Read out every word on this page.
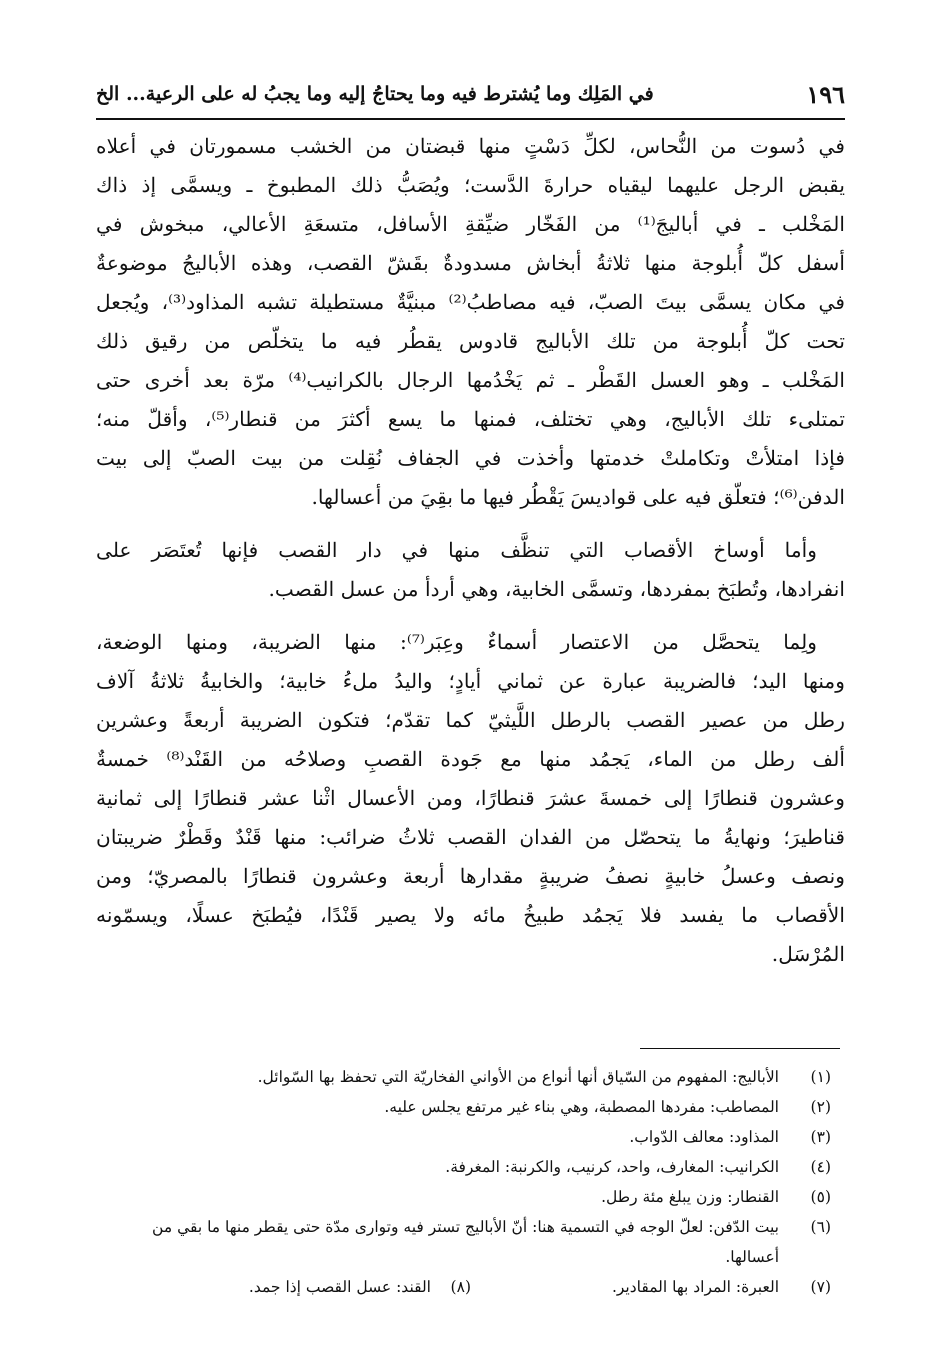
١٩٦
في المَلِك وما يُشترط فيه وما يحتاجُ إليه وما يجبُ له على الرعية... الخ

في دُسوت من النُّحاس، لكلِّ دَسْتٍ منها قبضتان من الخشب مسمورتان في أعلاه
يقبض الرجل عليهما ليقياه حرارةَ الدَّست؛ ويُصَبُّ ذلك المطبوخ ـ ويسمَّى إذ ذاك
المَخْلب ـ في أباليجَ⁽¹⁾ من الفَخّار ضيِّقةِ الأسافل، متسعَةِ الأعالي، مبخوش في
أسفل كلّ أُبلوجة منها ثلاثةُ أبخاش مسدودةٌ بقَشّ القصب، وهذه الأباليجُ موضوعةٌ
في مكان يسمَّى بيتَ الصبّ، فيه مصاطبُ⁽²⁾ مبنيَّةٌ مستطيلة تشبه المذاود⁽³⁾، ويُجعل
تحت كلّ أُبلوجة من تلك الأباليج قادوس يقطُر فيه ما يتخلّص من رقيق ذلك
المَخْلب ـ وهو العسل القَطْر ـ ثم يَخْدُمها الرجال بالكرانيب⁽⁴⁾ مرّة بعد أخرى حتى
تمتلىء تلك الأباليج، وهي تختلف، فمنها ما يسع أكثرَ من قنطار⁽⁵⁾، وأقلّ منه؛
فإذا امتلأتْ وتكاملتْ خدمتها وأخذت في الجفاف نُقِلت من بيت الصبّ إلى بيت
الدفن⁽⁶⁾؛ فتعلّق فيه على قواديسَ يَقْطُر فيها ما بقِيَ من أعسالها.

وأما أوساخ الأقصاب التي تنظَّف منها في دار القصب فإنها تُعتَصَر على
انفرادها، وتُطبَخ بمفردها، وتسمَّى الخابية، وهي أردأ من عسل القصب.

ولِما يتحصَّل من الاعتصار أسماءٌ وعِبَر⁽⁷⁾: منها الضريبة، ومنها الوضعة،
ومنها اليد؛ فالضريبة عبارة عن ثماني أيادٍ؛ واليدُ ملءُ خابية؛ والخابيةُ ثلاثةُ آلاف
رطل من عصير القصب بالرطل اللَّيثيّ كما تقدّم؛ فتكون الضريبة أربعةً وعشرين
ألف رطل من الماء، يَجمُد منها مع جَودة القصبِ وصلاحُه من القَنْد⁽⁸⁾ خمسةٌ
وعشرون قنطارًا إلى خمسةَ عشرَ قنطارًا، ومن الأعسال اثْنا عشر قنطارًا إلى ثمانية
قناطيرَ؛ ونهايةُ ما يتحصّل من الفدان القصب ثلاثُ ضرائب: منها قَنْدٌ وقَطْرٌ ضريبتان
ونصف وعسلُ خابيةٍ نصفُ ضريبةٍ مقدارها أربعة وعشرون قنطارًا بالمصريّ؛ ومن
الأقصاب ما يفسد فلا يَجمُد طبيخُ مائه ولا يصير قَنْدًا، فيُطبَخ عسلًا، ويسمّونه
المُرْسَل.

(١)
الأباليج: المفهوم من السّياق أنها أنواع من الأواني الفخاريّة التي تحفظ بها السّوائل.
(٢)
المصاطب: مفردها المصطبة، وهي بناء غير مرتفع يجلس عليه.
(٣)
المذاود: معالف الدّواب.
(٤)
الكرانيب: المغارف، واحد، كرنيب، والكرنبة: المغرفة.
(٥)
القنطار: وزن يبلغ مئة رطل.
(٦)
بيت الدّفن: لعلّ الوجه في التسمية هنا: أنّ الأباليج تستر فيه وتوارى مدّة حتى يقطر منها ما بقي من أعسالها.
(٧)
العبرة: المراد بها المقادير.
(٨)
القند: عسل القصب إذا جمد.
